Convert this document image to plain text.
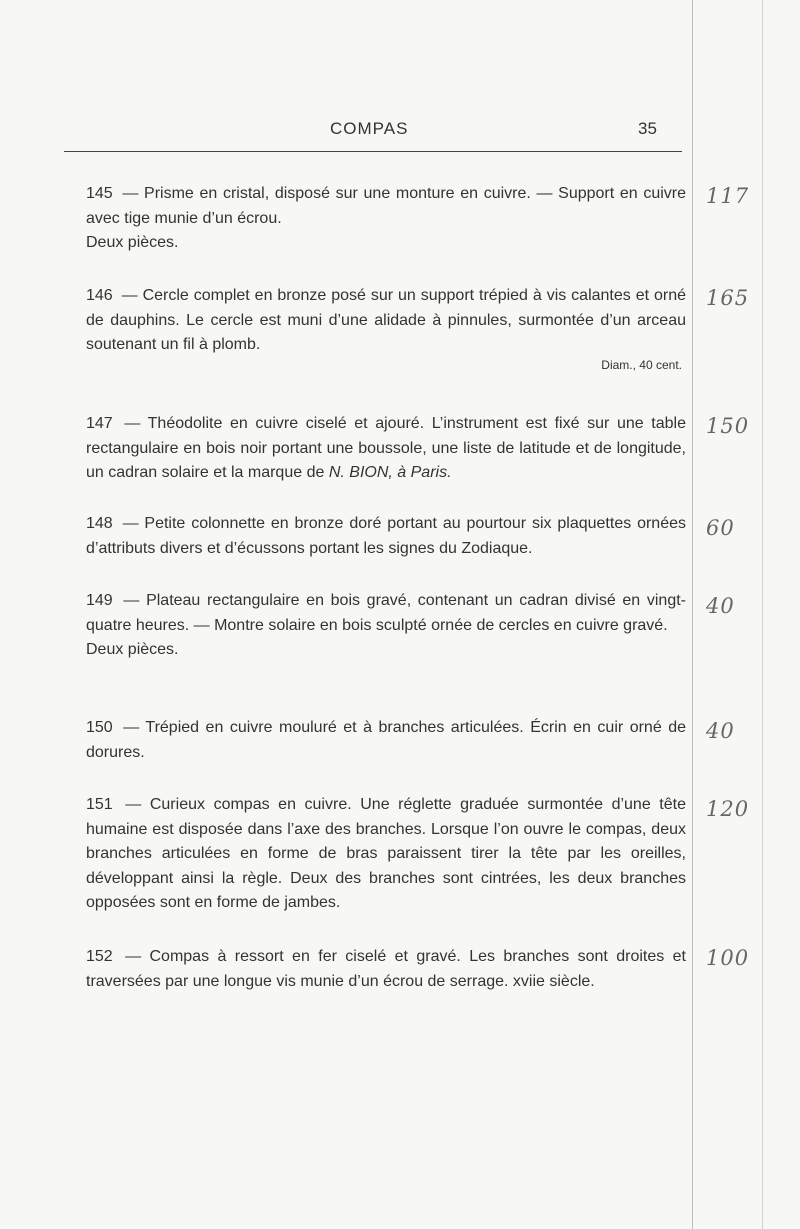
COMPAS	35
145 — Prisme en cristal, disposé sur une monture en cuivre. — Support en cuivre avec tige munie d’un écrou.
Deux pièces.
117
146 — Cercle complet en bronze posé sur un support trépied à vis calantes et orné de dauphins. Le cercle est muni d’une alidade à pinnules, surmontée d’un arceau soutenant un fil à plomb.
Diam., 40 cent.
165
147 — Théodolite en cuivre ciselé et ajouré. L’instrument est fixé sur une table rectangulaire en bois noir portant une boussole, une liste de latitude et de longitude, un cadran solaire et la marque de N. BION, à Paris.
150
148 — Petite colonnette en bronze doré portant au pourtour six plaquettes ornées d’attributs divers et d’écussons portant les signes du Zodiaque.
60
149 — Plateau rectangulaire en bois gravé, contenant un cadran divisé en vingt-quatre heures. — Montre solaire en bois sculpté ornée de cercles en cuivre gravé.
Deux pièces.
40
150 — Trépied en cuivre mouluré et à branches articulées. Écrin en cuir orné de dorures.
40
151 — Curieux compas en cuivre. Une réglette graduée surmontée d’une tête humaine est disposée dans l’axe des branches. Lorsque l’on ouvre le compas, deux branches articulées en forme de bras paraissent tirer la tête par les oreilles, développant ainsi la règle. Deux des branches sont cintrées, les deux branches opposées sont en forme de jambes.
120
152 — Compas à ressort en fer ciselé et gravé. Les branches sont droites et traversées par une longue vis munie d’un écrou de serrage. xviie siècle.
100
